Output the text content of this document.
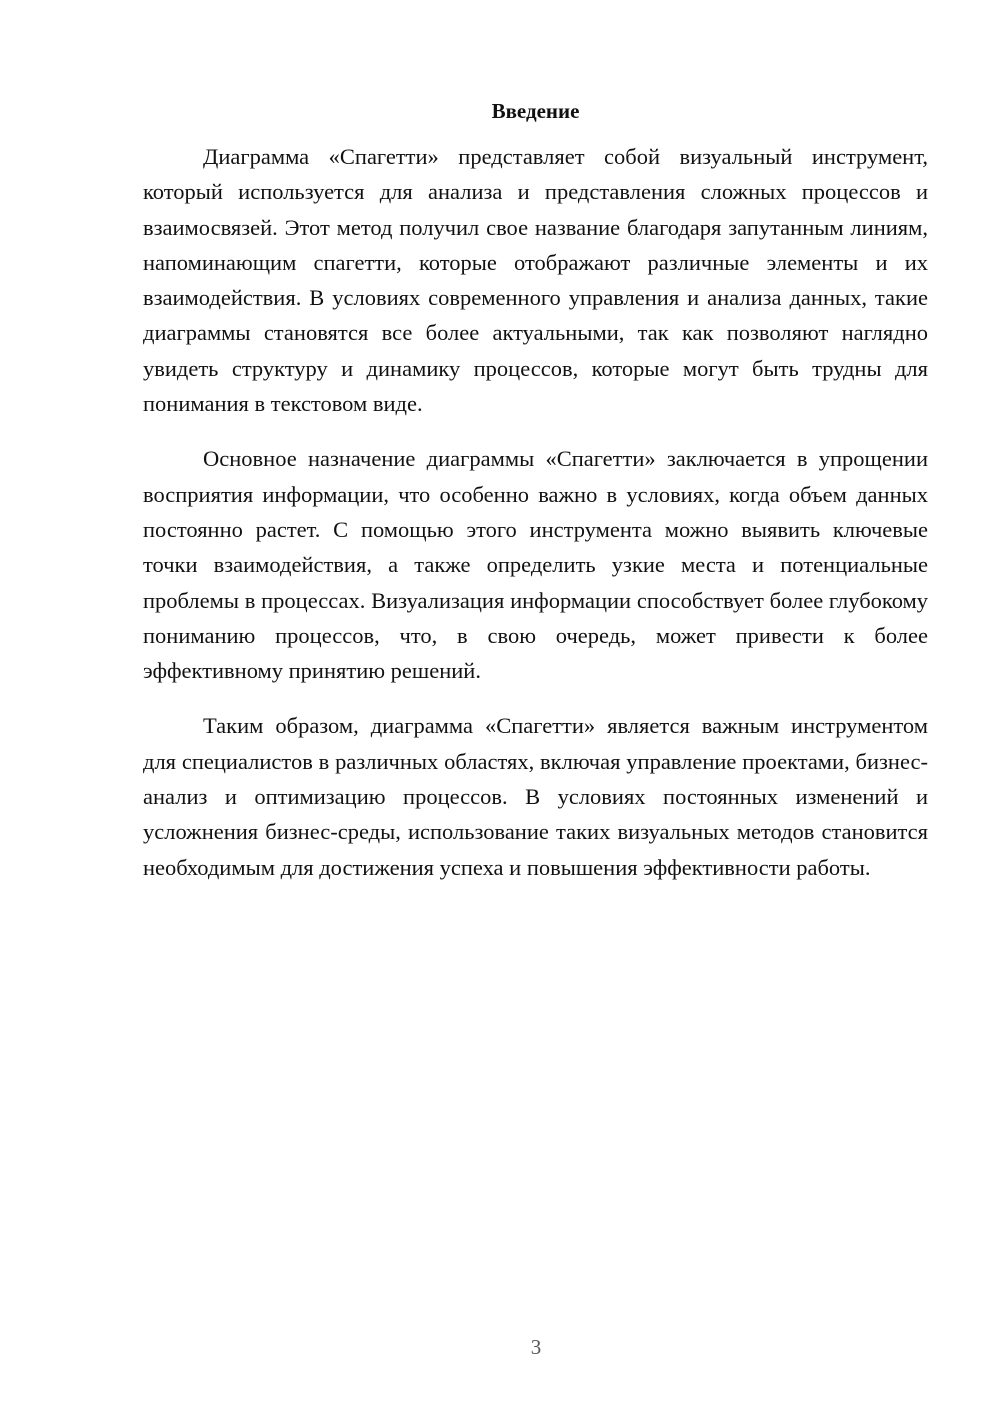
Введение

Диаграмма «Спагетти» представляет собой визуальный инструмент, который используется для анализа и представления сложных процессов и взаимосвязей. Этот метод получил свое название благодаря запутанным линиям, напоминающим спагетти, которые отображают различные элементы и их взаимодействия. В условиях современного управления и анализа данных, такие диаграммы становятся все более актуальными, так как позволяют наглядно увидеть структуру и динамику процессов, которые могут быть трудны для понимания в текстовом виде.

Основное назначение диаграммы «Спагетти» заключается в упрощении восприятия информации, что особенно важно в условиях, когда объем данных постоянно растет. С помощью этого инструмента можно выявить ключевые точки взаимодействия, а также определить узкие места и потенциальные проблемы в процессах. Визуализация информации способствует более глубокому пониманию процессов, что, в свою очередь, может привести к более эффективному принятию решений.

Таким образом, диаграмма «Спагетти» является важным инструментом для специалистов в различных областях, включая управление проектами, бизнес-анализ и оптимизацию процессов. В условиях постоянных изменений и усложнения бизнес-среды, использование таких визуальных методов становится необходимым для достижения успеха и повышения эффективности работы.

3
